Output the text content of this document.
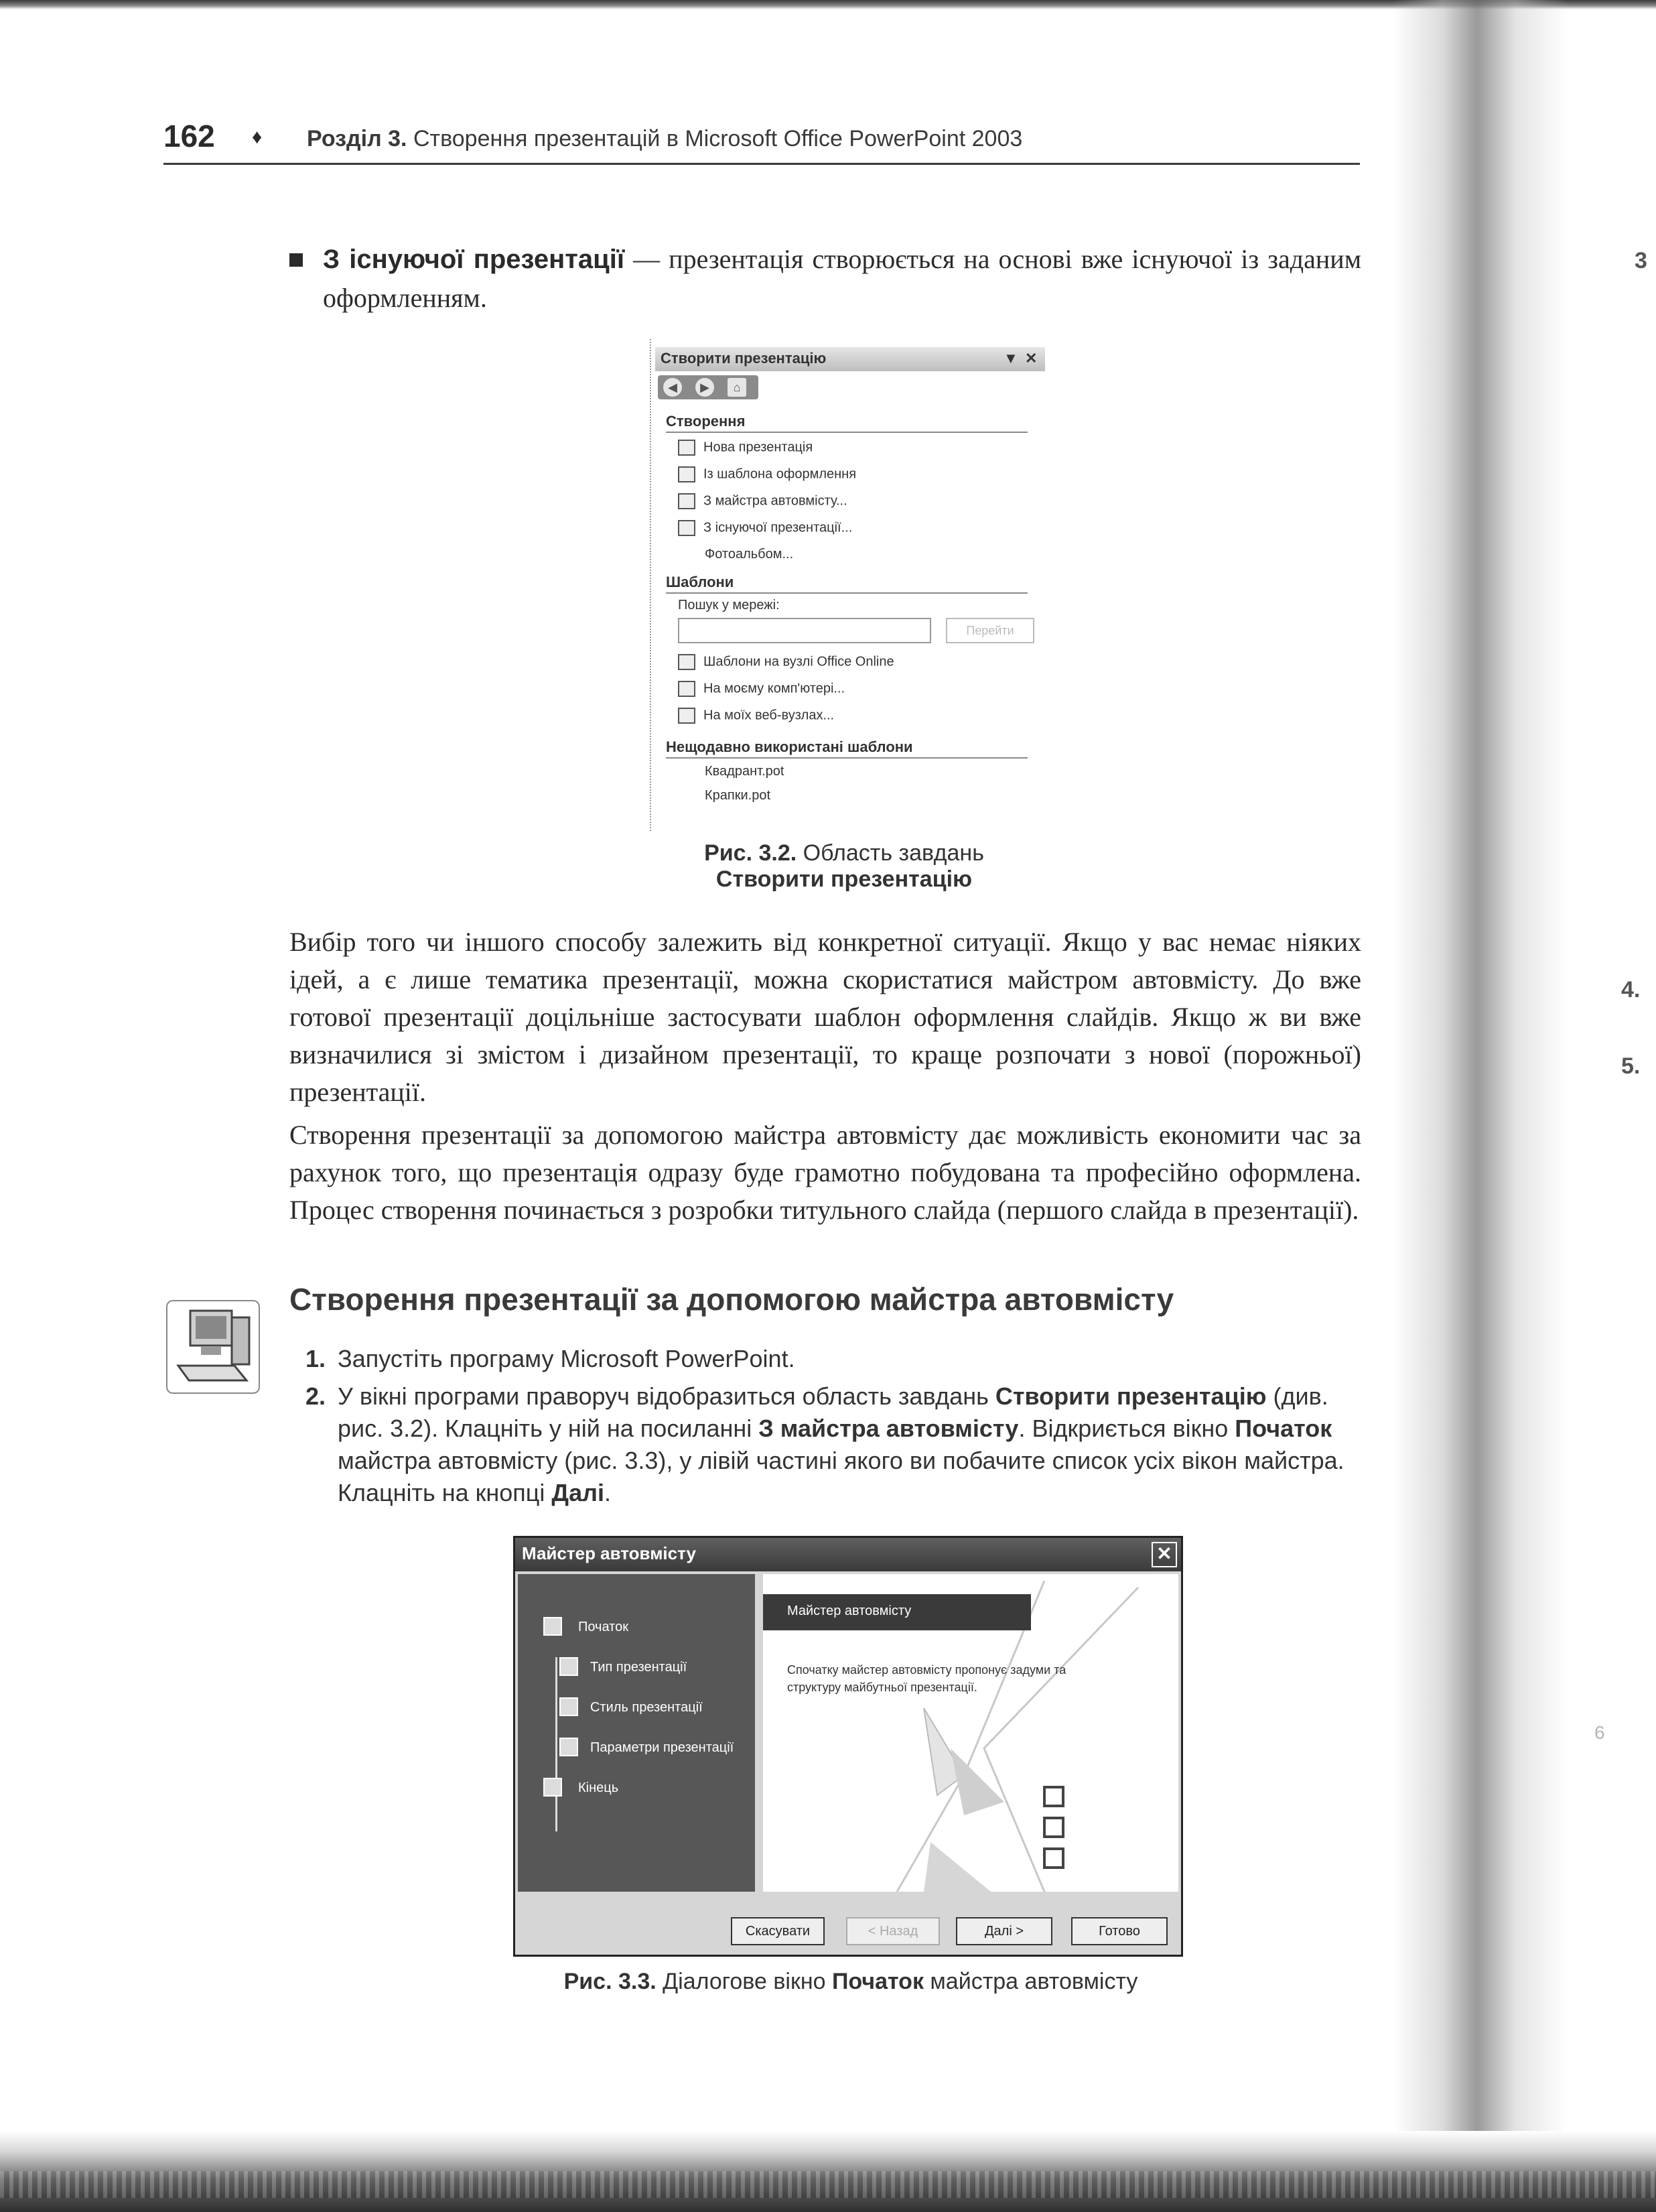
3
4.
5.
6
162 ♦ Розділ 3. Створення презентацій в Microsoft Office PowerPoint 2003
З існуючої презентації — презентація створюється на основі вже існуючої із заданим оформленням.
Створити презентацію	▼ ✕
◀	▶	⌂
Створення
Нова презентація
Із шаблона оформлення
З майстра автовмісту...
З існуючої презентації...
Фотоальбом...
Шаблони
Пошук у мережі:
Перейти
Шаблони на вузлі Office Online
На моєму комп'ютері...
На моїх веб-вузлах...
Нещодавно використані шаблони
Квадрант.pot
Крапки.pot
Рис. 3.2. Область завдань
Створити презентацію

Вибір того чи іншого способу залежить від конкретної ситуації. Якщо у вас немає ніяких ідей, а є лише тематика презентації, можна скористатися майстром автовмісту. До вже готової презентації доцільніше застосувати шаблон оформлення слайдів. Якщо ж ви вже визначилися зі змістом і дизайном презентації, то краще розпочати з нової (порожньої) презентації.

Створення презентації за допомогою майстра автовмісту дає можливість економити час за рахунок того, що презентація одразу буде грамотно побудована та професійно оформлена. Процес створення починається з розробки титульного слайда (першого слайда в презентації).

Створення презентації за допомогою майстра автовмісту
1. Запустіть програму Microsoft PowerPoint.
2. У вікні програми праворуч відобразиться область завдань Створити презентацію (див. рис. 3.2). Клацніть у ній на посиланні З майстра автовмісту. Відкриється вікно Початок майстра автовмісту (рис. 3.3), у лівій частині якого ви побачите список усіх вікон майстра. Клацніть на кнопці Далі.
Майстер автовмісту	✕
Початок
Тип презентації
Стиль презентації
Параметри презентації
Кінець
Майстер автовмісту
Спочатку майстер автовмісту пропонує задуми та структуру майбутньої презентації.
Скасувати	< Назад	Далі >	Готово
Рис. 3.3. Діалогове вікно Початок майстра автовмісту
